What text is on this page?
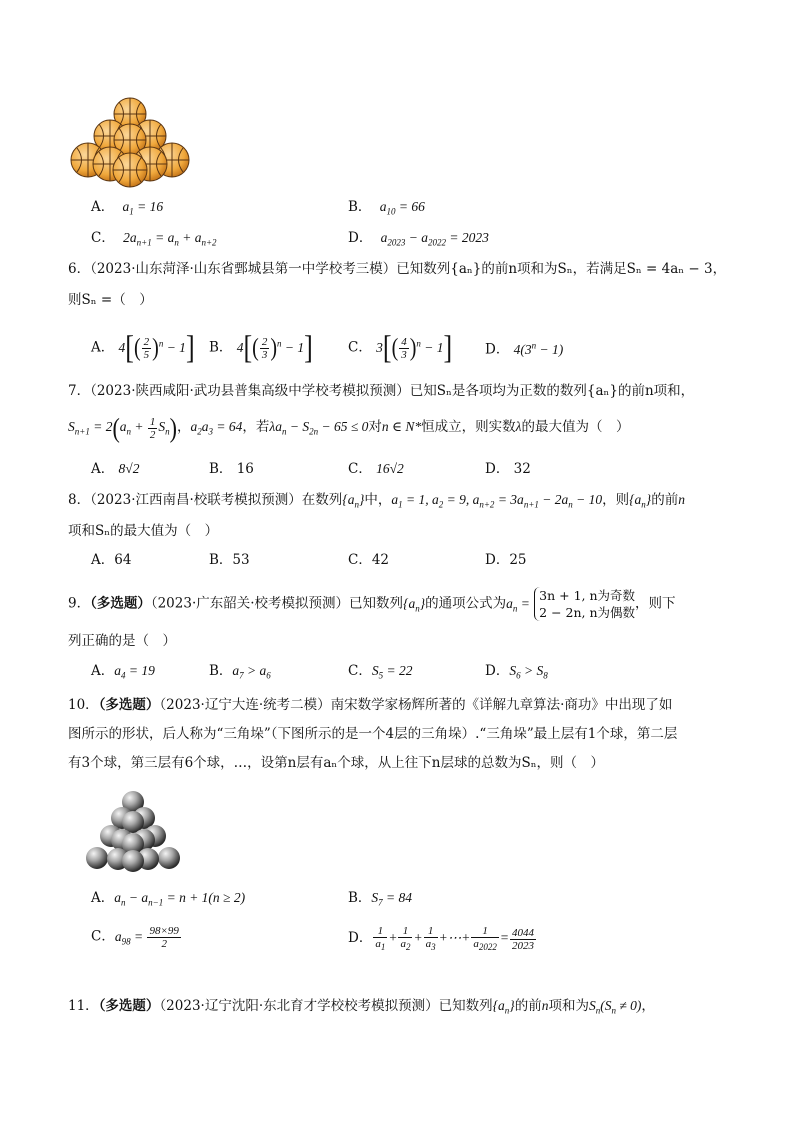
A． $a_1 = 16$	B． $a_{10} = 66$
C． $2a_{n+1} = a_n + a_{n+2}$	D． $a_{2023} - a_{2022} = 2023$
6．（2023·山东菏泽·山东省鄄城县第一中学校考三模）已知数列{aₙ}的前n项和为Sₙ，若满足Sₙ = 4aₙ − 3，
则Sₙ =（　）
A． $4[( \frac{2}{5} )^n - 1]$ B． $4[( \frac{2}{3} )^n - 1]$	C． $3[( \frac{4}{3} )^n - 1]$ D． $4(3^n - 1)$
7．（2023·陕西咸阳·武功县普集高级中学校考模拟预测）已知Sₙ是各项均为正数的数列{aₙ}的前n项和，
$S_{n+1} = 2(a_n + \frac{1}{2} S_n)$，$a_2a_3 = 64$，若$\lambda a_n - S_{2n} - 65 \le 0$对n ∈ N*恒成立，则实数λ的最大值为（　）
A． 8√2	B． 16	C． 16√2	D． 32
8．（2023·江西南昌·校联考模拟预测）在数列$\{a_n\}$中，$a_1 = 1$, $a_2 = 9$, $a_{n+2} = 3a_{n+1} - 2a_n - 10$，则$\{a_n\}$的前n
项和Sₙ的最大值为（　）
A．64	B．53	C．42	D．25
9．（多选题）（2023·广东韶关·校考模拟预测）已知数列$\{a_n\}$的通项公式为$a_n = 3n + 1$, n为奇数
2 − 2n, n为偶数
，则下
列正确的是（　）
A．$a_4 = 19$	B．$a_7 > a_6$	C．$S_5 = 22$	D．$S_6 > S_8$
10．（多选题）（2023·辽宁大连·统考二模）南宋数学家杨辉所著的《详解九章算法·商功》中出现了如
图所示的形状，后人称为“三角垛”（下图所示的是一个4层的三角垛）.“三角垛”最上层有1个球，第二层
有3个球，第三层有6个球，…，设第n层有aₙ个球，从上往下n层球的总数为Sₙ，则（　）
A．$a_n - a_{n-1} = n + 1(n \ge 2)$	B．$S_7 = 84$
C．$a_{98} = \frac{98\times 99}{2}$	D． $\frac{1}{a_1} + \frac{1}{a_2} + \frac{1}{a_3}$ +⋯+ $\frac{1}{a_{2022}} = \frac{4044}{2023}$
11．（多选题）（2023·辽宁沈阳·东北育才学校校考模拟预测）已知数列$\{a_n\}$的前n项和为$S_n(S_n \ne 0)$，
